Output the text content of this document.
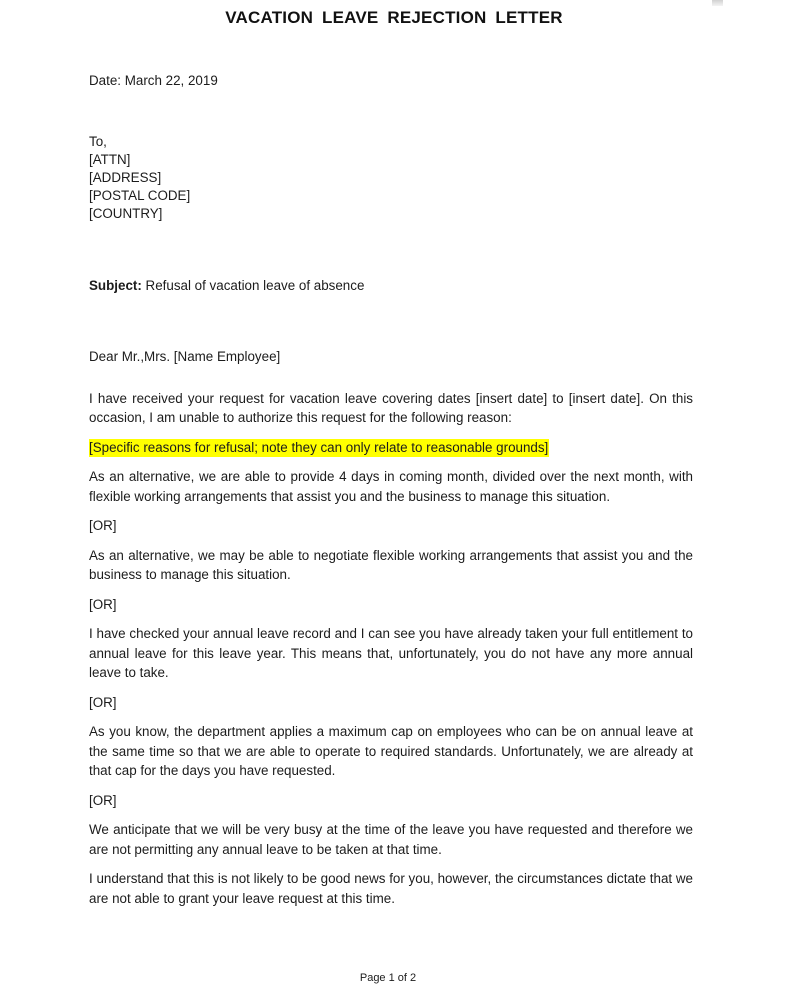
VACATION LEAVE REJECTION LETTER
Date: March 22, 2019
To,
[ATTN]
[ADDRESS]
[POSTAL CODE]
[COUNTRY]
Subject: Refusal of vacation leave of absence
Dear Mr.,Mrs. [Name Employee]

I have received your request for vacation leave covering dates [insert date] to [insert date]. On this occasion, I am unable to authorize this request for the following reason:

[Specific reasons for refusal; note they can only relate to reasonable grounds]

As an alternative, we are able to provide 4 days in coming month, divided over the next month, with flexible working arrangements that assist you and the business to manage this situation.

[OR]

As an alternative, we may be able to negotiate flexible working arrangements that assist you and the business to manage this situation.

[OR]

I have checked your annual leave record and I can see you have already taken your full entitlement to annual leave for this leave year. This means that, unfortunately, you do not have any more annual leave to take.

[OR]

As you know, the department applies a maximum cap on employees who can be on annual leave at the same time so that we are able to operate to required standards. Unfortunately, we are already at that cap for the days you have requested.

[OR]

We anticipate that we will be very busy at the time of the leave you have requested and therefore we are not permitting any annual leave to be taken at that time.

I understand that this is not likely to be good news for you, however, the circumstances dictate that we are not able to grant your leave request at this time.

Page 1 of 2
